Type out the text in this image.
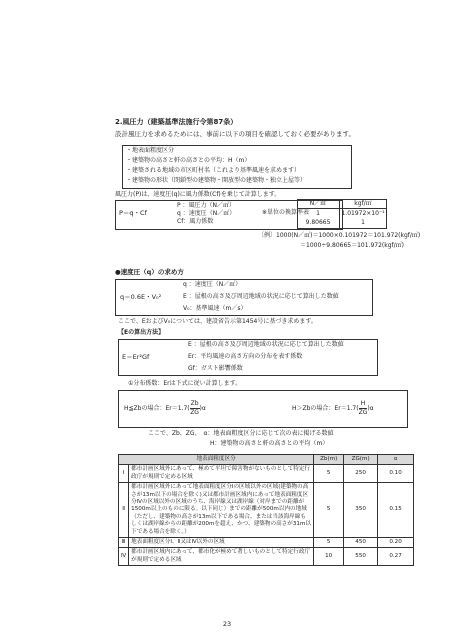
2.風圧力（建築基準法施行令第87条）
設計風圧力を求めるためには、事前に以下の項目を確認しておく必要があります。
・地表面粗度区分
・建築物の高さと軒の高さとの平均：H（m）
・建築される地域の市区町村名（これより基準風速を求めます）
・建築物の形状（閉鎖型の建築物・開放型の建築物・独立上屋等）
風圧力(P)は、速度圧(q)に風力係数(Cf)を乗じて計算します。
P＝q・Cf
P ：風圧力（N／㎡）
q ：速度圧（N／㎡）
Cf：風力係数
※単位の換算率表
N／㎡	kgf/㎡
1	1.01972×10⁻¹
9.80665	1
〔例〕1000(N／㎡)＝1000×0.101972＝101.972(kgf/㎡)
＝1000÷9.80665＝101.972(kgf/㎡)
●速度圧（q）の求め方
q＝0.6E・V₀²
q ：速度圧（N／㎡）
E ：屋根の高さ及び周辺地域の状況に応じて算出した数値
V₀：基準風速（m／s）
ここで、EおよびV₀については、建設省告示第1454号に基づき求めます。
【Eの算出方法】
E＝Er²Gf
E ：屋根の高さ及び周辺地域の状況に応じて算出した数値
Er：平均風速の高さ方向の分布を表す係数
Gf：ガスト影響係数
①分布係数：Erは下式に従い計算します。
H≦Zbの場合：$Er=1.7( \frac{Zb}{ZG} )\alpha$	H＞Zbの場合：$Er=1.7( \frac{H}{ZG} )\alpha$
ここで、Zb、ZG、　α：地表面粗度区分に応じて次の表に掲げる数値
H：建築物の高さと軒の高さとの平均（m）
地表面粗度区分		Zb(m)	ZG(m)	α
Ⅰ	都市計画区域外にあって、極めて平坦で障害物がないものとして特定行政庁が規則で定める区域	5	250	0.10
Ⅱ	都市計画区域外にあって地表面粗度区分Ⅰの区域以外の区域(建築物の高さが13m以下の場合を除く)又は都市計画区域内にあって地表面粗度区分Ⅳの区域以外の区域のうち、海岸線又は湖岸線（対岸までの距離が1500m以上のものに限る。以下同じ）までの距離が500m以内の地域（ただし、建築物の高さが13m以下である場合、または当該海岸線もしくは湖岸線からの距離が200mを超え、かつ、建築物の高さが31m以下である場合を除く。）	5	350	0.15
Ⅲ	地表面粗度区分Ⅰ、Ⅱ又はⅣ以外の区域	5	450	0.20
Ⅳ	都市計画区域内にあって、都市化が極めて著しいものとして特定行政庁が規則で定める区域	10	550	0.27
23
